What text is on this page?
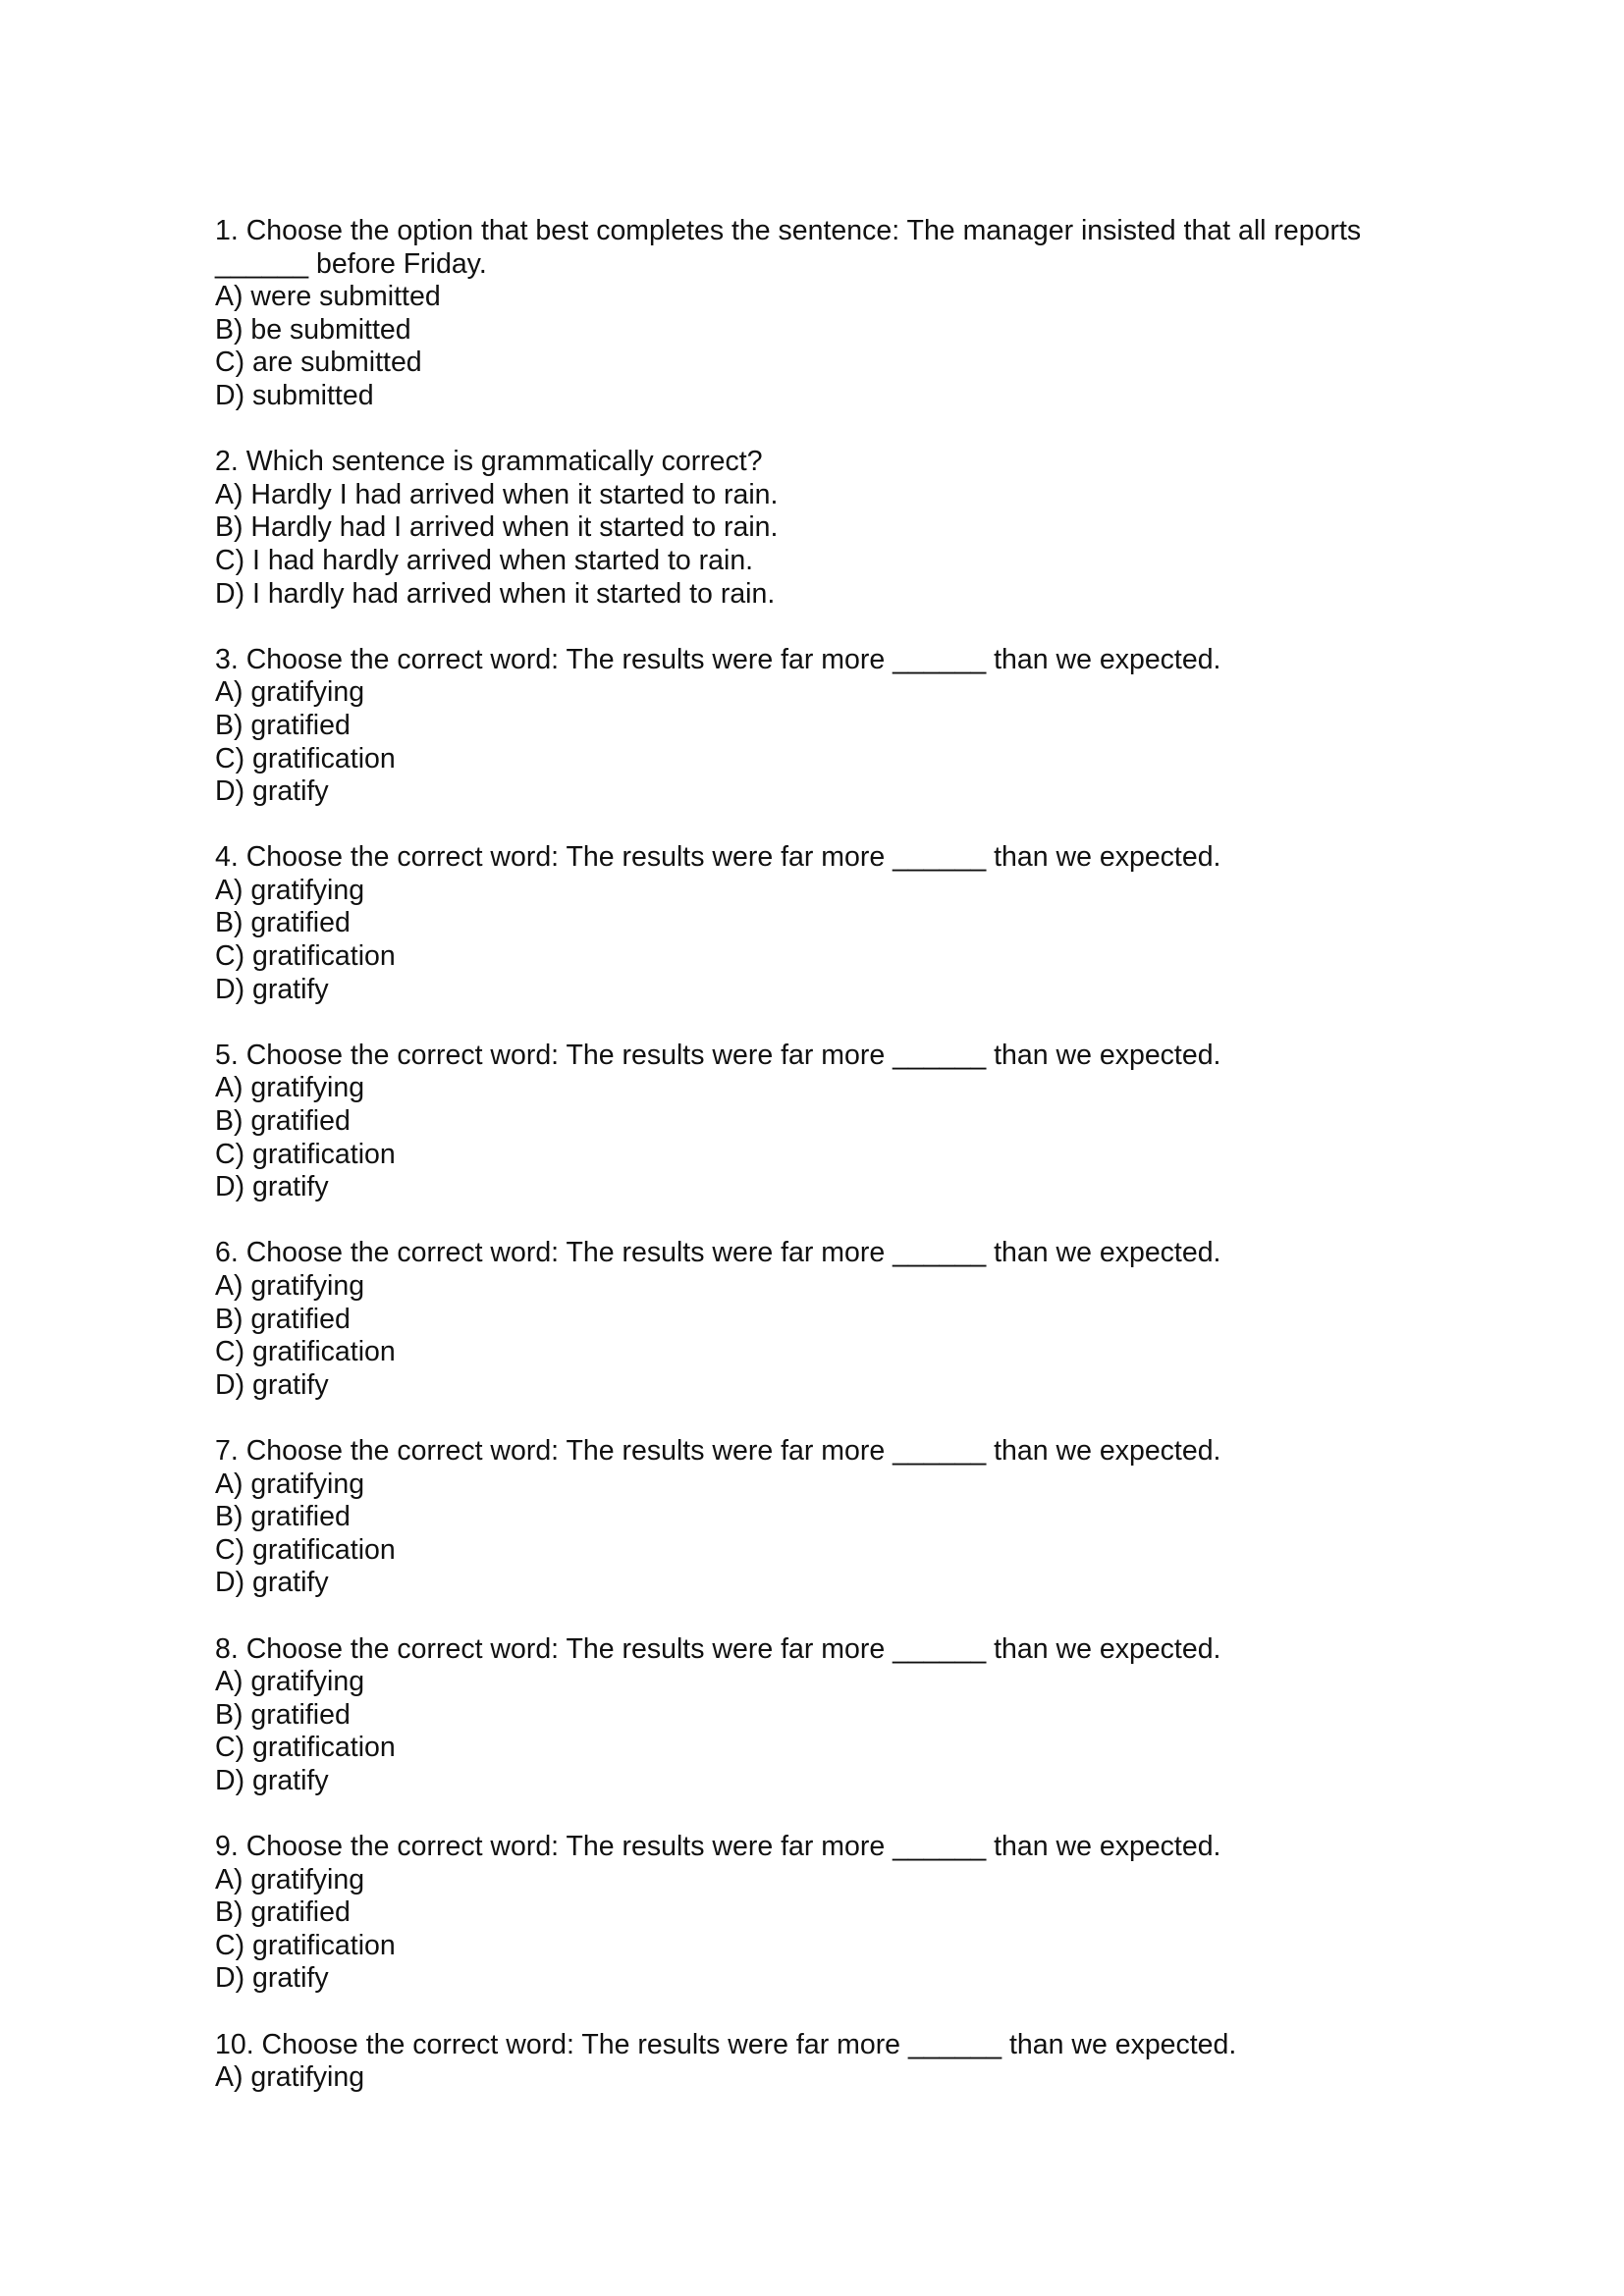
1. Choose the option that best completes the sentence: The manager insisted that all reports ______ before Friday.

A) were submitted

B) be submitted

C) are submitted

D) submitted

2. Which sentence is grammatically correct?

A) Hardly I had arrived when it started to rain.

B) Hardly had I arrived when it started to rain.

C) I had hardly arrived when started to rain.

D) I hardly had arrived when it started to rain.

3. Choose the correct word: The results were far more ______ than we expected.

A) gratifying

B) gratified

C) gratification

D) gratify

4. Choose the correct word: The results were far more ______ than we expected.

A) gratifying

B) gratified

C) gratification

D) gratify

5. Choose the correct word: The results were far more ______ than we expected.

A) gratifying

B) gratified

C) gratification

D) gratify

6. Choose the correct word: The results were far more ______ than we expected.

A) gratifying

B) gratified

C) gratification

D) gratify

7. Choose the correct word: The results were far more ______ than we expected.

A) gratifying

B) gratified

C) gratification

D) gratify

8. Choose the correct word: The results were far more ______ than we expected.

A) gratifying

B) gratified

C) gratification

D) gratify

9. Choose the correct word: The results were far more ______ than we expected.

A) gratifying

B) gratified

C) gratification

D) gratify

10. Choose the correct word: The results were far more ______ than we expected.

A) gratifying
